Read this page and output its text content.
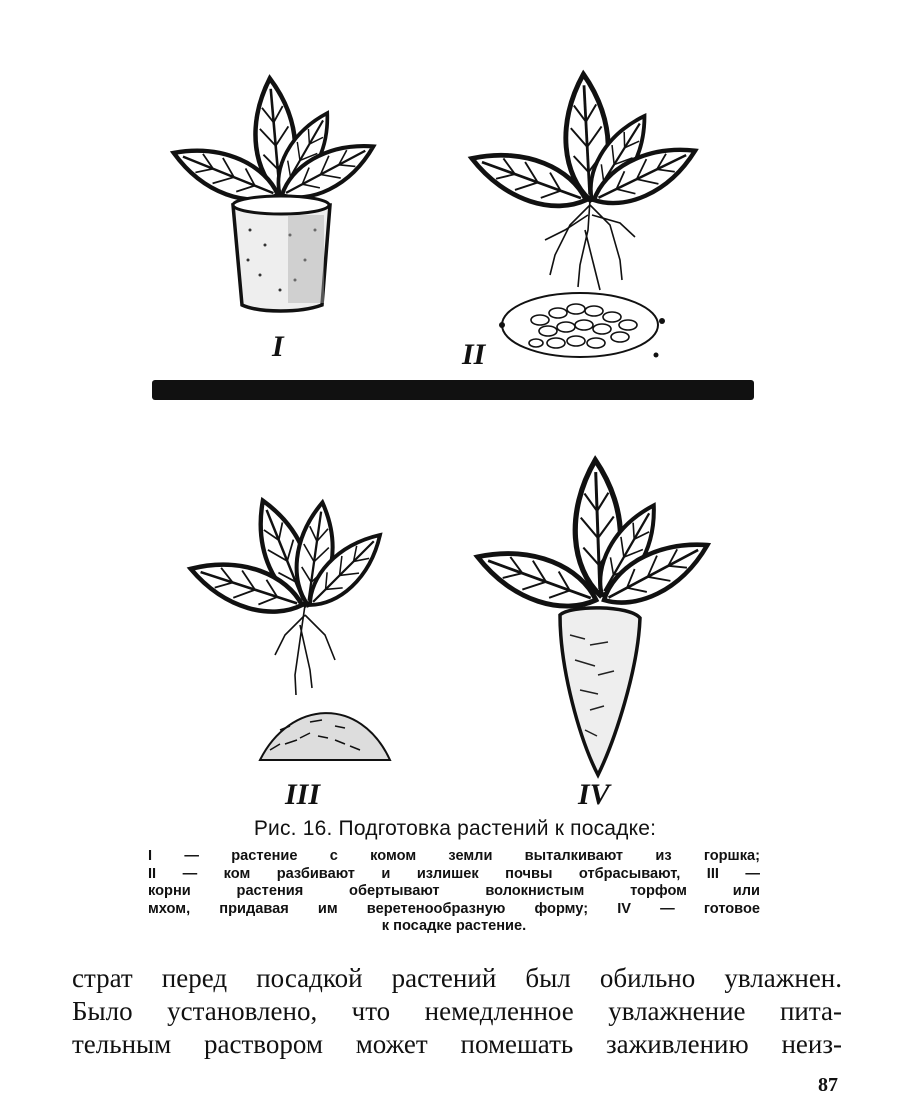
I	II
III	IV
Рис. 16. Подготовка растений к посадке:
I — растение с комом земли выталкивают из горшка;
II — ком разбивают и излишек почвы отбрасывают, III —
корни растения обертывают волокнистым торфом или
мхом, придавая им веретенообразную форму; IV — готовое
к посадке растение.
страт перед посадкой растений был обильно увлажнен.
Было установлено, что немедленное увлажнение пита-
тельным раствором может помешать заживлению неиз-
87
